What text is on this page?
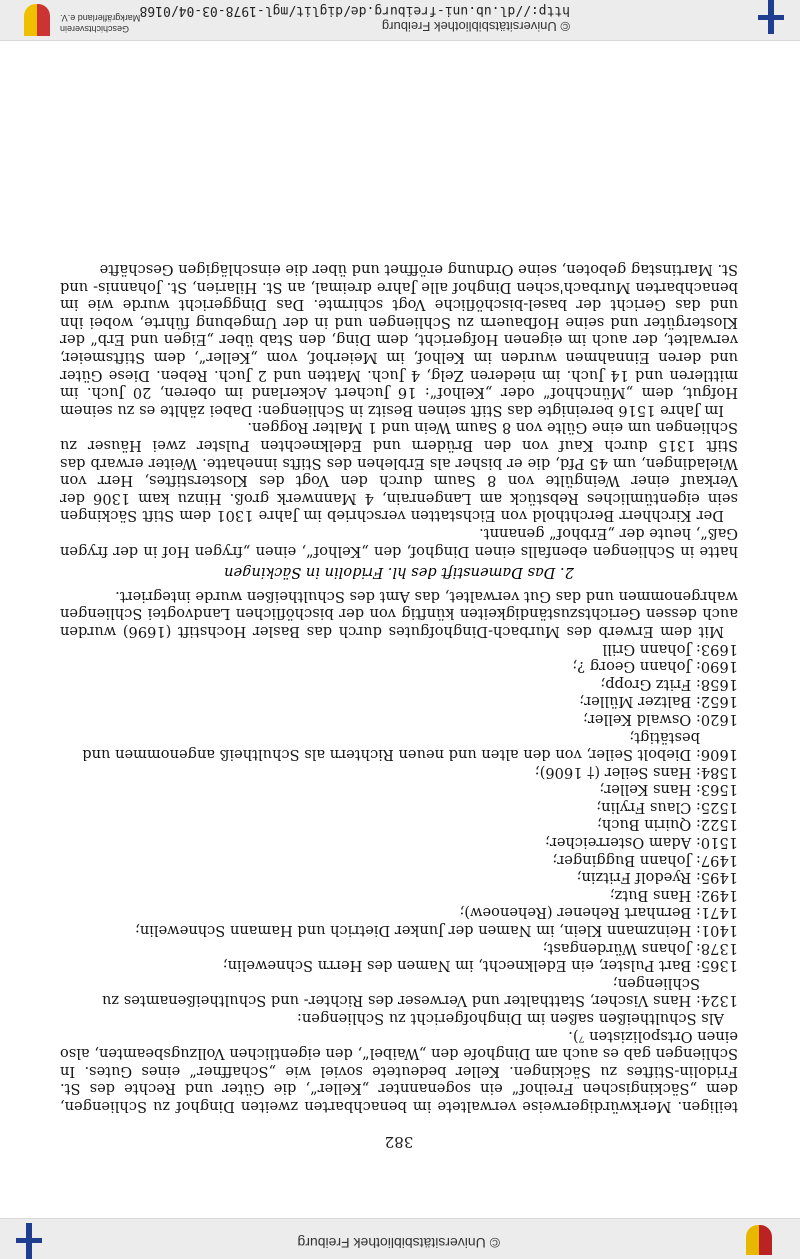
© Universitätsbibliothek Freiburg
382

teiligen. Merkwürdigerweise verwaltete im benachbarten zweiten Dinghof zu Schliengen, dem „Säckingischen Freihof“ ein sogenannter „Keller“, die Güter und Rechte des St. Fridolin-Stiftes zu Säckingen. Keller bedeutete soviel wie „Schaffner“ eines Gutes. In Schliengen gab es auch am Dinghofe den „Waibel“, den eigentlichen Vollzugsbeamten, also einen Ortspolizisten ⁷).

Als Schultheißen saßen im Dinghofgericht zu Schliengen:

1324: Hans Vischer, Statthalter und Verweser des Richter- und Schultheißenamtes zu Schliengen;
1365: Bart Pulster, ein Edelknecht, im Namen des Herrn Schnewelin;
1378: Johans Würdengast;
1401: Heinzmann Klein, im Namen der Junker Dietrich und Hamann Schnewelin;
1471: Bernhart Rehener (Rehenoew);
1492: Hans Butz;
1495: Ryedolf Fritzin;
1497: Johann Bugginger;
1510: Adam Osterreicher;
1522: Quirin Buch;
1525: Claus Frylin;
1563: Hans Keller;
1584: Hans Seiler († 1606);
1606: Diebolt Seiler, von den alten und neuen Richtern als Schultheiß angenommen und bestätigt;
1620: Oswald Keller;
1652: Baltzer Müller;
1658: Fritz Gropp;
1690: Johann Georg ?;
1693: Johann Grill

Mit dem Erwerb des Murbach-Dinghofgutes durch das Basler Hochstift (1696) wurden auch dessen Gerichtszuständigkeiten künftig von der bischöflichen Landvogtei Schliengen wahrgenommen und das Gut verwaltet, das Amt des Schultheißen wurde integriert.

2. Das Damenstift des hl. Fridolin in Säckingen

hatte in Schliengen ebenfalls einen Dinghof, den „Kelhof“, einen „frygen Hof in der frygen Gaß“, heute der „Erbhof“ genannt.

Der Kirchherr Berchthold von Eichstatten verschrieb im Jahre 1301 dem Stift Säckingen sein eigentümliches Rebstück am Langenrain, 4 Mannwerk groß. Hinzu kam 1306 der Verkauf einer Weingülte von 8 Saum durch den Vogt des Klosterstiftes, Herr von Wieladingen, um 45 Pfd, die er bisher als Erblehen des Stifts innehatte. Weiter erwarb das Stift 1315 durch Kauf von den Brüdern und Edelknechten Pulster zwei Häuser zu Schliengen um eine Gülte von 8 Saum Wein und 1 Malter Roggen.

Im Jahre 1516 bereinigte das Stift seinen Besitz in Schliengen: Dabei zählte es zu seinem Hofgut, dem „Münchhof“ oder „Kelhof“: 16 Juchert Ackerland im oberen, 20 Juch. im mittleren und 14 Juch. im niederen Zelg, 4 Juch. Matten und 2 Juch. Reben. Diese Güter und deren Einnahmen wurden im Kelhof, im Meierhof, vom „Keller“, dem Stiftsmeier, verwaltet, der auch im eigenen Hofgericht, dem Ding, den Stab über „Eigen und Erb“ der Klostergüter und seine Hofbauern zu Schliengen und in der Umgebung führte, wobei ihn und das Gericht der basel-bischöfliche Vogt schirmte. Das Dinggericht wurde wie im benachbarten Murbach'schen Dinghof alle Jahre dreimal, an St. Hilarien, St. Johannis- und St. Martinstag geboten, seine Ordnung eröffnet und über die einschlägigen Geschäfte

© Universitätsbibliothek Freiburg
http://dl.ub.uni-freiburg.de/diglit/mgl-1978-03-04/0168
Geschichtsverein
Markgräflerland e.V.
